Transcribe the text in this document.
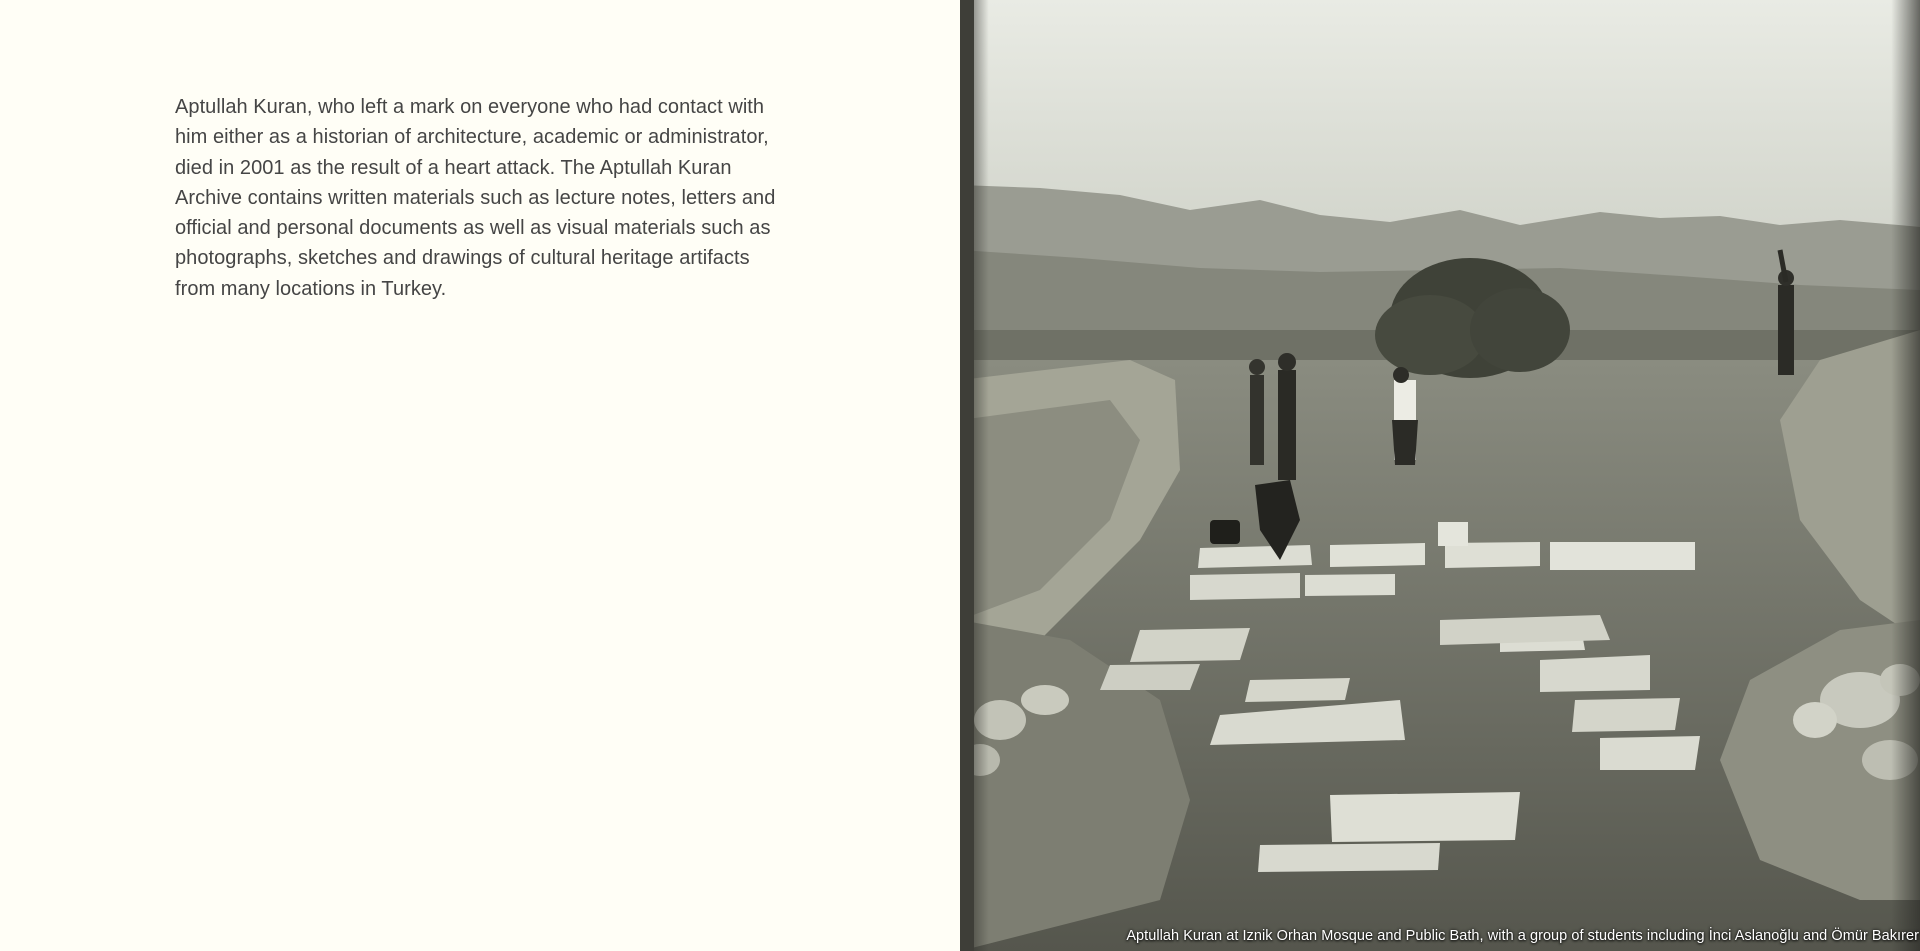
Aptullah Kuran, who left a mark on everyone who had contact with him either as a historian of architecture, academic or administrator, died in 2001 as the result of a heart attack. The Aptullah Kuran Archive contains written materials such as lecture notes, letters and official and personal documents as well as visual materials such as photographs, sketches and drawings of cultural heritage artifacts from many locations in Turkey.

Aptullah Kuran at Iznik Orhan Mosque and Public Bath, with a group of students including İnci Aslanoğlu and Ömür Bakırer
